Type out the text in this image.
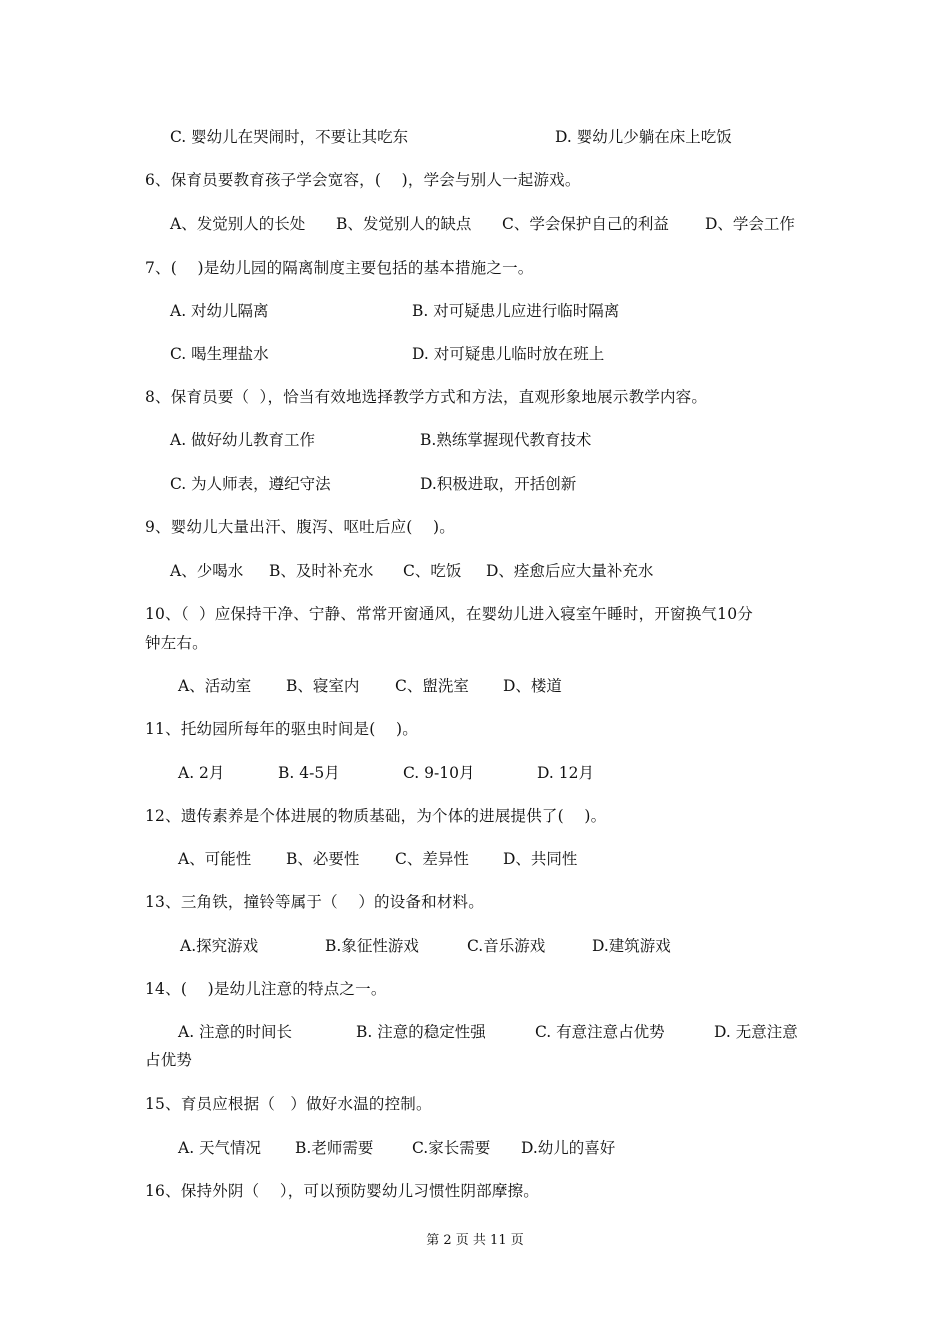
C. 婴幼儿在哭闹时，不要让其吃东	D. 婴幼儿少躺在床上吃饭
6、保育员要教育孩子学会宽容，(    )，学会与别人一起游戏。
A、发觉别人的长处 B、发觉别人的缺点 C、学会保护自己的利益 D、学会工作
7、(    )是幼儿园的隔离制度主要包括的基本措施之一。
A. 对幼儿隔离	B. 对可疑患儿应进行临时隔离
C. 喝生理盐水	D. 对可疑患儿临时放在班上
8、保育员要（  ），恰当有效地选择教学方式和方法，直观形象地展示教学内容。
A. 做好幼儿教育工作	B.熟练掌握现代教育技术
C. 为人师表，遵纪守法	D.积极进取，开括创新
9、婴幼儿大量出汗、腹泻、呕吐后应(    )。
A、少喝水 B、及时补充水 C、吃饭 D、痊愈后应大量补充水
10、（  ）应保持干净、宁静、常常开窗通风，在婴幼儿进入寝室午睡时，开窗换气10分
钟左右。
A、活动室 B、寝室内 C、盥洗室 D、楼道
11、托幼园所每年的驱虫时间是(    )。
A. 2月	B. 4-5月	C. 9-10月	D. 12月
12、遗传素养是个体进展的物质基础，为个体的进展提供了(    )。
A、可能性 B、必要性 C、差异性 D、共同性
13、三角铁，撞铃等属于（    ）的设备和材料。
A.探究游戏	B.象征性游戏	C.音乐游戏	D.建筑游戏
14、(    )是幼儿注意的特点之一。
A. 注意的时间长	B. 注意的稳定性强	C. 有意注意占优势	D. 无意注意
占优势
15、育员应根据（   ）做好水温的控制。
A. 天气情况 B.老师需要 C.家长需要 D.幼儿的喜好
16、保持外阴（    ），可以预防婴幼儿习惯性阴部摩擦。
第 2 页 共 11 页
